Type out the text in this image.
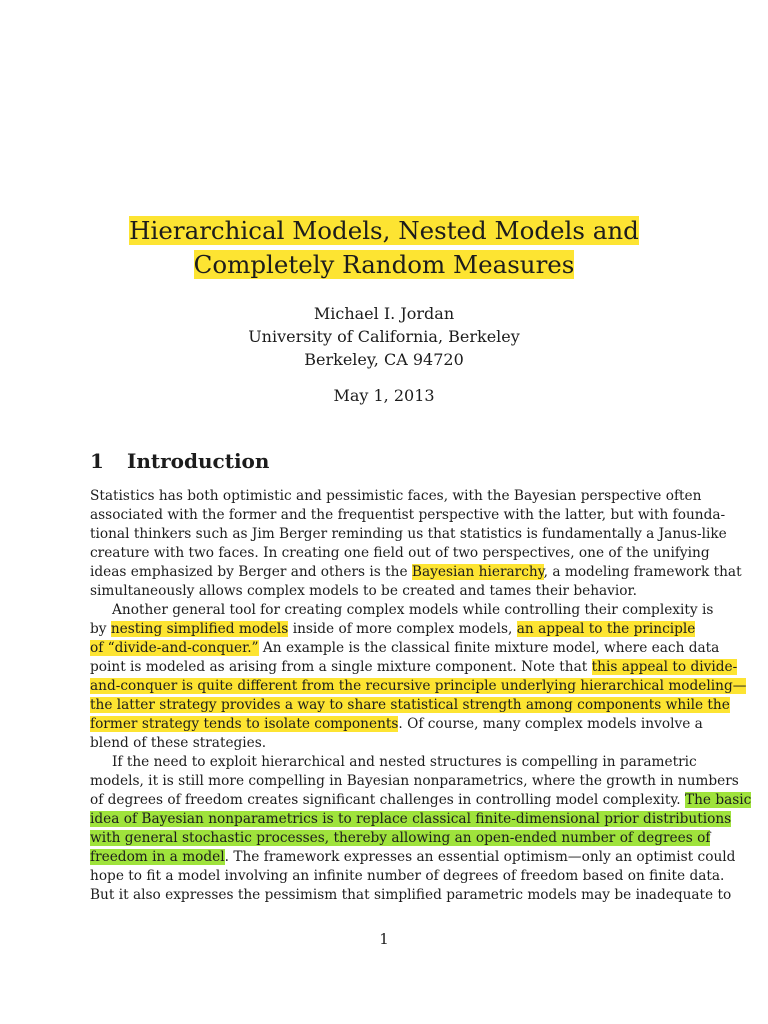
Hierarchical Models, Nested Models and
Completely Random Measures
Michael I. Jordan
University of California, Berkeley
Berkeley, CA 94720
May 1, 2013
1 Introduction
Statistics has both optimistic and pessimistic faces, with the Bayesian perspective often
associated with the former and the frequentist perspective with the latter, but with founda-
tional thinkers such as Jim Berger reminding us that statistics is fundamentally a Janus-like
creature with two faces. In creating one field out of two perspectives, one of the unifying
ideas emphasized by Berger and others is the Bayesian hierarchy, a modeling framework that
simultaneously allows complex models to be created and tames their behavior.
Another general tool for creating complex models while controlling their complexity is
by nesting simplified models inside of more complex models, an appeal to the principle
of “divide-and-conquer.” An example is the classical finite mixture model, where each data
point is modeled as arising from a single mixture component. Note that this appeal to divide-
and-conquer is quite different from the recursive principle underlying hierarchical modeling—
the latter strategy provides a way to share statistical strength among components while the
former strategy tends to isolate components. Of course, many complex models involve a
blend of these strategies.
If the need to exploit hierarchical and nested structures is compelling in parametric
models, it is still more compelling in Bayesian nonparametrics, where the growth in numbers
of degrees of freedom creates significant challenges in controlling model complexity. The basic
idea of Bayesian nonparametrics is to replace classical finite-dimensional prior distributions
with general stochastic processes, thereby allowing an open-ended number of degrees of
freedom in a model. The framework expresses an essential optimism—only an optimist could
hope to fit a model involving an infinite number of degrees of freedom based on finite data.
But it also expresses the pessimism that simplified parametric models may be inadequate to
1
